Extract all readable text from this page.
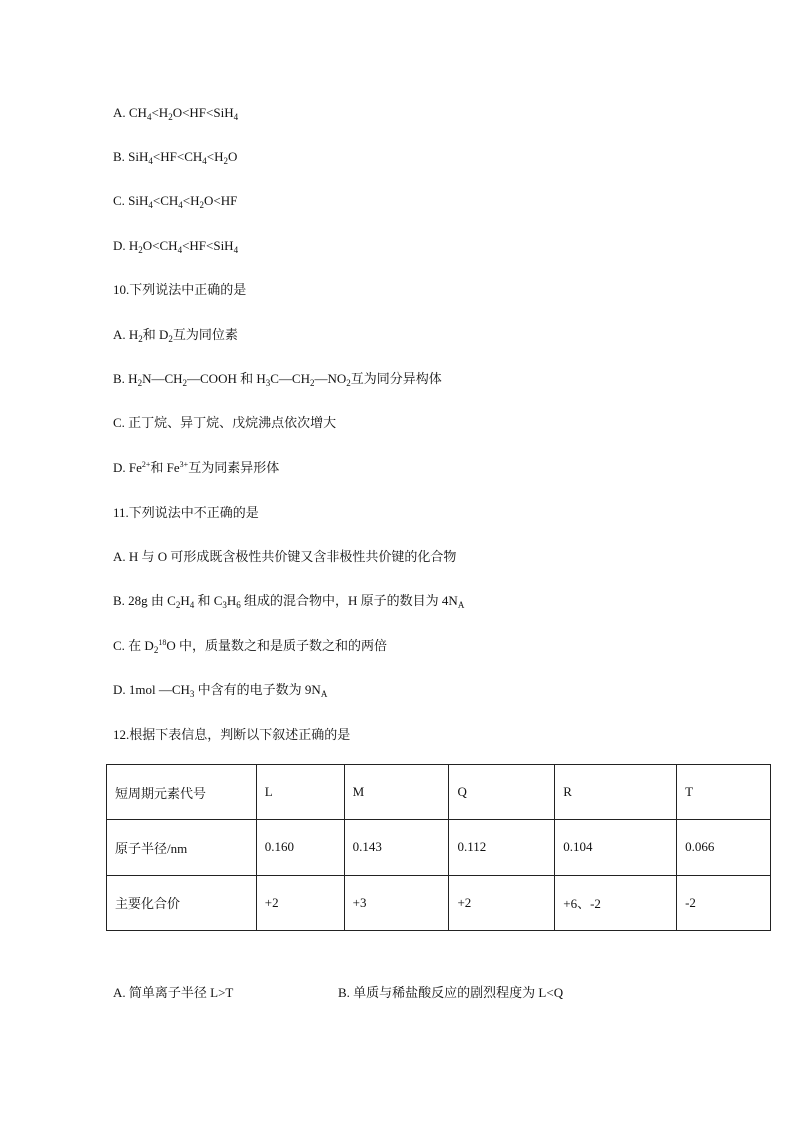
A. $CH_4<H_2O<HF<SiH_4$
B. $SiH_4<HF<CH_4<H_2O$
C. $SiH_4<CH_4<H_2O<HF$
D. $H_2O<CH_4<HF<SiH_4$
10.下列说法中正确的是
A. $H_2$和 $D_2$互为同位素
B. $H_2N—CH_2—COOH$ 和 $H_3C—CH_2—NO_2$互为同分异构体
C. 正丁烷、异丁烷、戊烷沸点依次增大
D. $Fe^{2+}$和 $Fe^{3+}$互为同素异形体
11.下列说法中不正确的是
A. H 与 O 可形成既含极性共价键又含非极性共价键的化合物
B. 28g 由 $C_2H_4$ 和 $C_3H_6$ 组成的混合物中，H 原子的数目为 $4N_A$
C. 在 $D_2^{18}O$ 中，质量数之和是质子数之和的两倍
D. 1mol $—CH_3$ 中含有的电子数为 $9N_A$
12.根据下表信息，判断以下叙述正确的是
短周期元素代号	L	M	Q	R	T
原子半径/nm	0.160	0.143	0.112	0.104	0.066
主要化合价	+2	+3	+2	+6、-2	-2
A. 简单离子半径 L>T	B. 单质与稀盐酸反应的剧烈程度为 L<Q
